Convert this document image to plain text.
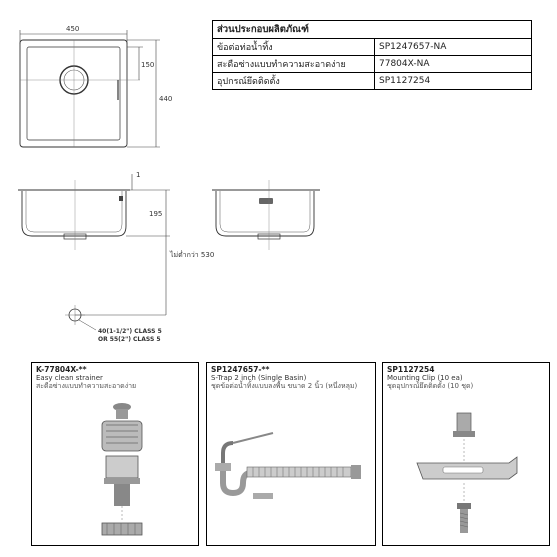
450
150
440
ส่วนประกอบผลิตภัณฑ์	
ข้อต่อท่อน้ำทิ้ง	SP1247657-NA
สะดือซ่างแบบทำความสะอาดง่าย	77804X-NA
อุปกรณ์ยึดติดตั้ง	SP1127254
1
195
ไม่ต่ำกว่า 530
40(1-1/2") CLASS 5
OR 55(2") CLASS 5
K-77804X-**
Easy clean strainer
สะดือซ่างแบบทำความสะอาดง่าย
SP1247657-**
S-Trap 2 inch (Single Basin)
ชุดข้อต่อน้ำทิ้งแบบลงพื้น ขนาด 2 นิ้ว (หนึ่งหลุม)
SP1127254
Mounting Clip (10 ea)
ชุดอุปกรณ์ยึดติดตั้ง (10 ชุด)
